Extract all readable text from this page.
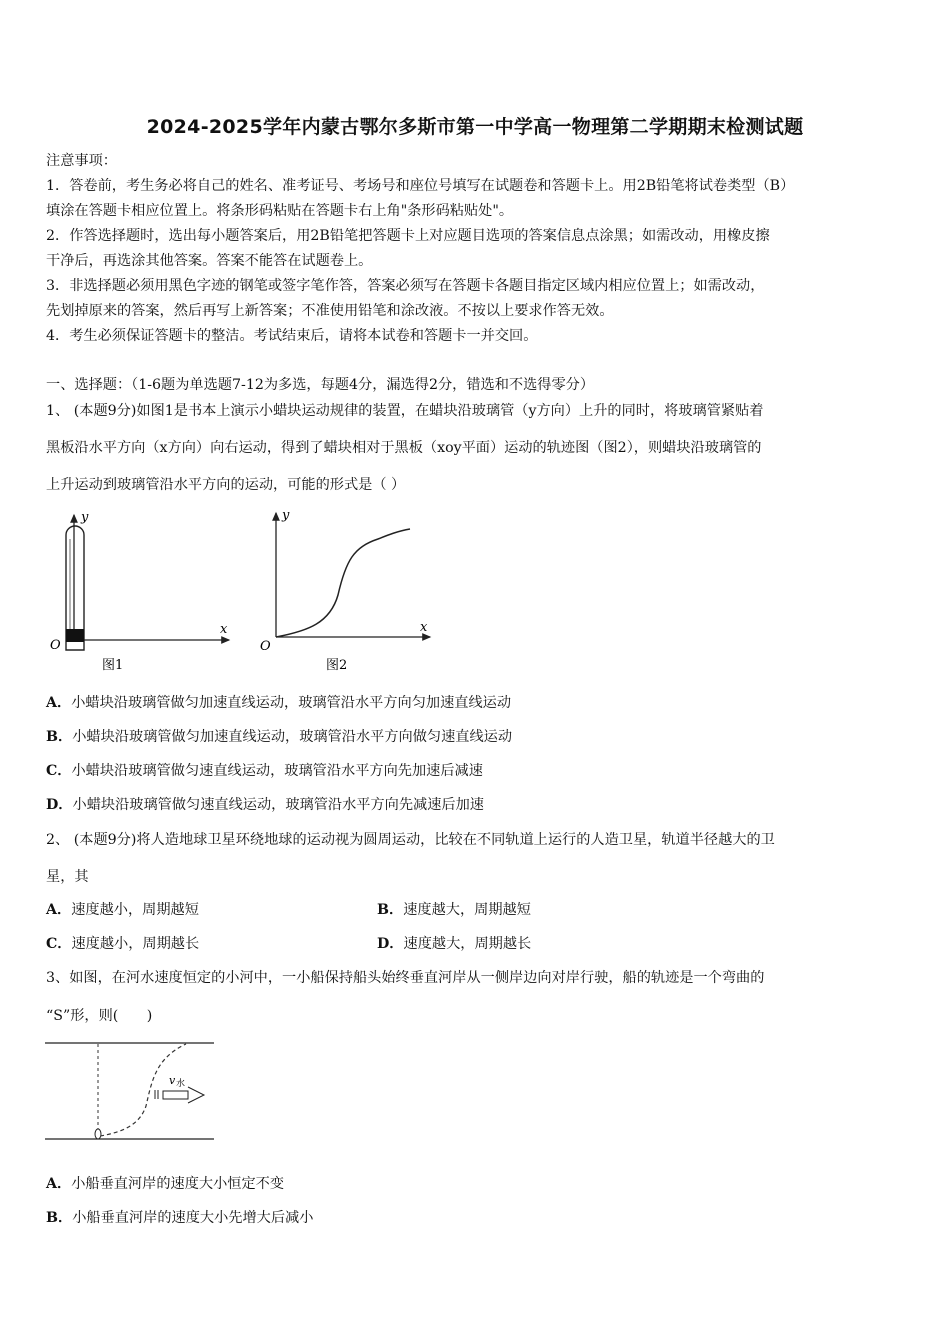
2024-2025学年内蒙古鄂尔多斯市第一中学高一物理第二学期期末检测试题
注意事项：
1．答卷前，考生务必将自己的姓名、准考证号、考场号和座位号填写在试题卷和答题卡上。用2B铅笔将试卷类型（B）
填涂在答题卡相应位置上。将条形码粘贴在答题卡右上角"条形码粘贴处"。
2．作答选择题时，选出每小题答案后，用2B铅笔把答题卡上对应题目选项的答案信息点涂黑；如需改动，用橡皮擦
干净后，再选涂其他答案。答案不能答在试题卷上。
3．非选择题必须用黑色字迹的钢笔或签字笔作答，答案必须写在答题卡各题目指定区域内相应位置上；如需改动，
先划掉原来的答案，然后再写上新答案；不准使用铅笔和涂改液。不按以上要求作答无效。
4．考生必须保证答题卡的整洁。考试结束后，请将本试卷和答题卡一并交回。
一、选择题：（1-6题为单选题7-12为多选，每题4分，漏选得2分，错选和不选得零分）
1、 (本题9分)如图1是书本上演示小蜡块运动规律的装置，在蜡块沿玻璃管（y方向）上升的同时，将玻璃管紧贴着
黑板沿水平方向（x方向）向右运动，得到了蜡块相对于黑板（xoy平面）运动的轨迹图（图2），则蜡块沿玻璃管的
上升运动到玻璃管沿水平方向的运动，可能的形式是（ ）
y
x
O
图1
y
x
O
图2
A．小蜡块沿玻璃管做匀加速直线运动，玻璃管沿水平方向匀加速直线运动
B．小蜡块沿玻璃管做匀加速直线运动，玻璃管沿水平方向做匀速直线运动
C．小蜡块沿玻璃管做匀速直线运动，玻璃管沿水平方向先加速后减速
D．小蜡块沿玻璃管做匀速直线运动，玻璃管沿水平方向先减速后加速
2、 (本题9分)将人造地球卫星环绕地球的运动视为圆周运动，比较在不同轨道上运行的人造卫星，轨道半径越大的卫
星，其
A．速度越小，周期越短	B．速度越大，周期越短
C．速度越小，周期越长	D．速度越大，周期越长
3、如图，在河水速度恒定的小河中，一小船保持船头始终垂直河岸从一侧岸边向对岸行驶，船的轨迹是一个弯曲的
“S”形，则(　　)
v 水
A．小船垂直河岸的速度大小恒定不变
B．小船垂直河岸的速度大小先增大后减小
